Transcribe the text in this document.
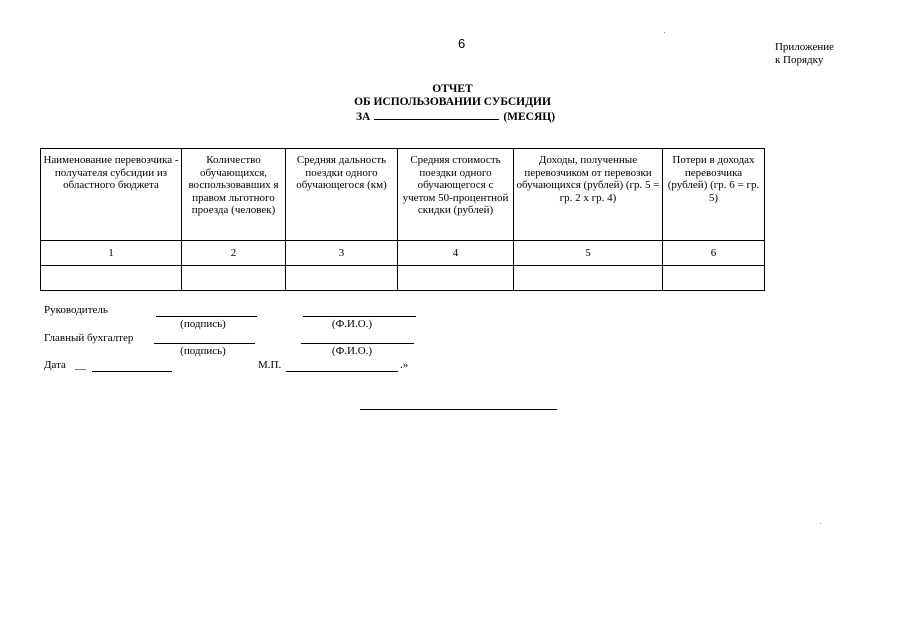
6	Приложение
к Порядку
ОТЧЕТ
ОБ ИСПОЛЬЗОВАНИИ СУБСИДИИ
ЗА	(МЕСЯЦ)
Наименование перевозчика - получателя субсидии из областного бюджета	Количество обучающихся, воспользовавших я правом льготного проезда (человек)	Средняя дальность поездки одного обучающегося (км)	Средняя стоимость поездки одного обучающегося с учетом 50-процентной скидки (рублей)	Доходы, полученные перевозчиком от перевозки обучающихся (рублей) (гр. 5 = гр. 2 x гр. 4)	Потери в доходах перевозчика (рублей) (гр. 6 = гр. 5)
1	2	3	4	5	6

Руководитель
(подпись)	(Ф.И.О.)
Главный бухгалтер
(подпись)	(Ф.И.О.)
Дата __	М.П.	.»
